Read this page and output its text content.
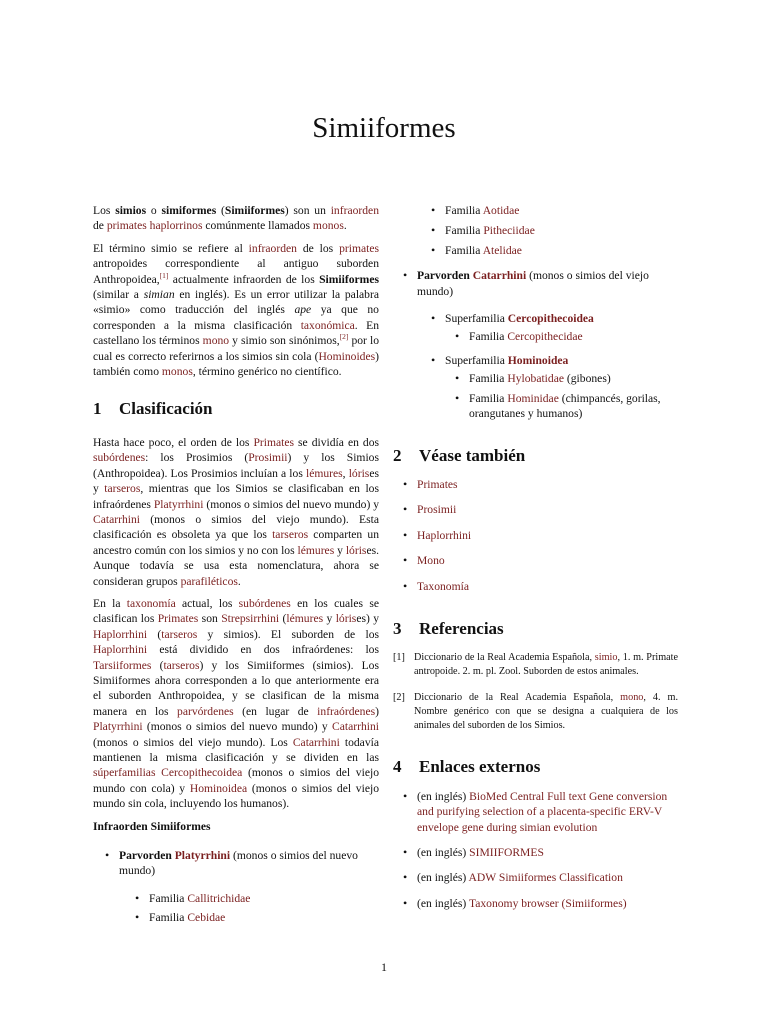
Simiiformes

Los simios o simiformes (Simiiformes) son un infraorden de primates haplorrinos comúnmente llamados monos.

El término simio se refiere al infraorden de los primates antropoides correspondiente al antiguo suborden Anthropoidea,[1] actualmente infraorden de los Simiiformes (similar a simian en inglés). Es un error utilizar la palabra «simio» como traducción del inglés ape ya que no corresponden a la misma clasificación taxonómica. En castellano los términos mono y simio son sinónimos,[2] por lo cual es correcto referirnos a los simios sin cola (Hominoides) también como monos, término genérico no científico.

1 Clasificación

Hasta hace poco, el orden de los Primates se dividía en dos subórdenes: los Prosimios (Prosimii) y los Simios (Anthropoidea). Los Prosimios incluían a los lémures, lórises y tarseros, mientras que los Simios se clasificaban en los infraórdenes Platyrrhini (monos o simios del nuevo mundo) y Catarrhini (monos o simios del viejo mundo). Esta clasificación es obsoleta ya que los tarseros comparten un ancestro común con los simios y no con los lémures y lórises. Aunque todavía se usa esta nomenclatura, ahora se consideran grupos parafiléticos.

En la taxonomía actual, los subórdenes en los cuales se clasifican los Primates son Strepsirrhini (lémures y lórises) y Haplorrhini (tarseros y simios). El suborden de los Haplorrhini está dividido en dos infraórdenes: los Tarsiiformes (tarseros) y los Simiiformes (simios). Los Simiiformes ahora corresponden a lo que anteriormente era el suborden Anthropoidea, y se clasifican de la misma manera en los parvórdenes (en lugar de infraórdenes) Platyrrhini (monos o simios del nuevo mundo) y Catarrhini (monos o simios del viejo mundo). Los Catarrhini todavía mantienen la misma clasificación y se dividen en las súperfamilias Cercopithecoidea (monos o simios del viejo mundo con cola) y Hominoidea (monos o simios del viejo mundo sin cola, incluyendo los humanos).

Infraorden Simiiformes

• Parvorden Platyrrhini (monos o simios del nuevo mundo)
• Familia Callitrichidae
• Familia Cebidae
• Familia Aotidae
• Familia Pitheciidae
• Familia Atelidae
• Parvorden Catarrhini (monos o simios del viejo mundo)
• Superfamilia Cercopithecoidea
• Familia Cercopithecidae
• Superfamilia Hominoidea
• Familia Hylobatidae (gibones)
• Familia Hominidae (chimpancés, gorilas, orangutanes y humanos)
2 Véase también
• Primates
• Prosimii
• Haplorrhini
• Mono
• Taxonomía
3 Referencias
[1] Diccionario de la Real Academia Española, simio, 1. m. Primate antropoide. 2. m. pl. Zool. Suborden de estos animales.
[2] Diccionario de la Real Academia Española, mono, 4. m. Nombre genérico con que se designa a cualquiera de los animales del suborden de los Simios.
4 Enlaces externos
• (en inglés) BioMed Central Full text Gene conversion and purifying selection of a placenta-specific ERV-V envelope gene during simian evolution
• (en inglés) SIMIIFORMES
• (en inglés) ADW Simiiformes Classification
• (en inglés) Taxonomy browser (Simiiformes)
1
